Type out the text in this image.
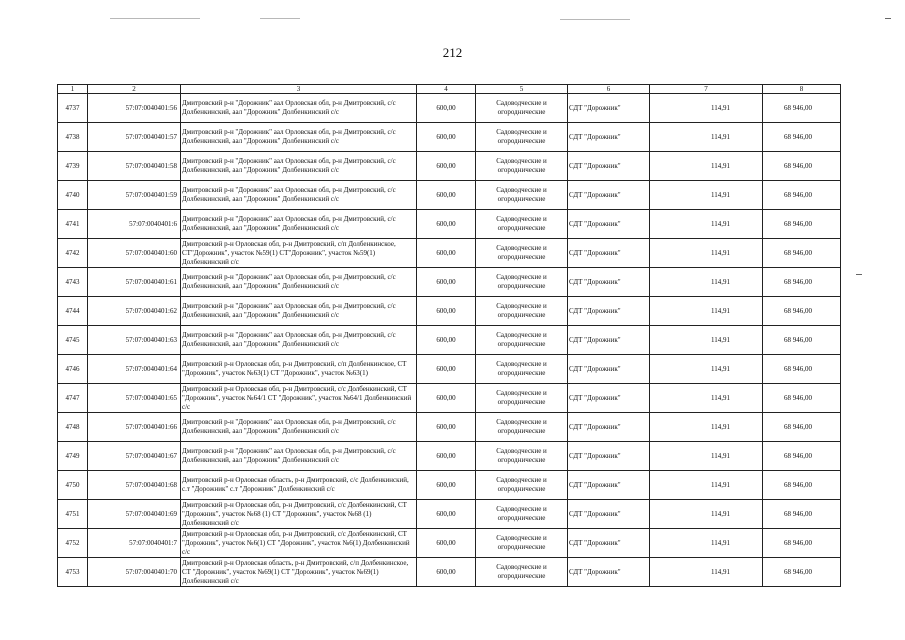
212
1	2	3	4	5	6	7	8
4737	57:07:0040401:56	Дмитровский р-н "Дорожник" аал Орловская обл, р-н Дмитровский, с/с Долбенкинский, аал "Дорожник" Долбенкинский с/с	600,00	Садоводческие и огороднические	СДТ "Дорожник"	114,91	68 946,00
4738	57:07:0040401:57	Дмитровский р-н "Дорожник" аал Орловская обл, р-н Дмитровский, с/с Долбенкинский, аал "Дорожник" Долбенкинский с/с	600,00	Садоводческие и огороднические	СДТ "Дорожник"	114,91	68 946,00
4739	57:07:0040401:58	Дмитровский р-н "Дорожник" аал Орловская обл, р-н Дмитровский, с/с Долбенкинский, аал "Дорожник" Долбенкинский с/с	600,00	Садоводческие и огороднические	СДТ "Дорожник"	114,91	68 946,00
4740	57:07:0040401:59	Дмитровский р-н "Дорожник" аал Орловская обл, р-н Дмитровский, с/с Долбенкинский, аал "Дорожник" Долбенкинский с/с	600,00	Садоводческие и огороднические	СДТ "Дорожник"	114,91	68 946,00
4741	57:07:0040401:6	Дмитровский р-н "Дорожник" аал Орловская обл, р-н Дмитровский, с/с Долбенкинский, аал "Дорожник" Долбенкинский с/с	600,00	Садоводческие и огороднические	СДТ "Дорожник"	114,91	68 946,00
4742	57:07:0040401:60	Дмитровский р-н Орловская обл, р-н Дмитровский, с/п Долбенкинское, СТ"Дорожник", участок №59(1) СТ"Дорожник", участок №59(1) Долбенкинский с/с	600,00	Садоводческие и огороднические	СДТ "Дорожник"	114,91	68 946,00
4743	57:07:0040401:61	Дмитровский р-н "Дорожник" аал Орловская обл, р-н Дмитровский, с/с Долбенкинский, аал "Дорожник" Долбенкинский с/с	600,00	Садоводческие и огороднические	СДТ "Дорожник"	114,91	68 946,00
4744	57:07:0040401:62	Дмитровский р-н "Дорожник" аал Орловская обл, р-н Дмитровский, с/с Долбенкинский, аал "Дорожник" Долбенкинский с/с	600,00	Садоводческие и огороднические	СДТ "Дорожник"	114,91	68 946,00
4745	57:07:0040401:63	Дмитровский р-н "Дорожник" аал Орловская обл, р-н Дмитровский, с/с Долбенкинский, аал "Дорожник" Долбенкинский с/с	600,00	Садоводческие и огороднические	СДТ "Дорожник"	114,91	68 946,00
4746	57:07:0040401:64	Дмитровский р-н Орловская обл, р-н Дмитровский, с/п Долбенкинское, СТ "Дорожник", участок №63(1) СТ "Дорожник", участок №63(1)	600,00	Садоводческие и огороднические	СДТ "Дорожник"	114,91	68 946,00
4747	57:07:0040401:65	Дмитровский р-н Орловская обл, р-н Дмитровский, с/с Долбенкинский, СТ "Дорожник", участок №64/1 СТ "Дорожник", участок №64/1 Долбенкинский с/с	600,00	Садоводческие и огороднические	СДТ "Дорожник"	114,91	68 946,00
4748	57:07:0040401:66	Дмитровский р-н "Дорожник" аал Орловская обл, р-н Дмитровский, с/с Долбенкинский, аал "Дорожник" Долбенкинский с/с	600,00	Садоводческие и огороднические	СДТ "Дорожник"	114,91	68 946,00
4749	57:07:0040401:67	Дмитровский р-н "Дорожник" аал Орловская обл, р-н Дмитровский, с/с Долбенкинский, аал "Дорожник" Долбенкинский с/с	600,00	Садоводческие и огороднические	СДТ "Дорожник"	114,91	68 946,00
4750	57:07:0040401:68	Дмитровский р-н Орловская область, р-н Дмитровский, с/с Долбенкинский, с.т "Дорожник" с.т "Дорожник" Долбенкинский с/с	600,00	Садоводческие и огороднические	СДТ "Дорожник"	114,91	68 946,00
4751	57:07:0040401:69	Дмитровский р-н Орловская обл, р-н Дмитровский, с/с Долбенкинский, СТ "Дорожник", участок №68 (1) СТ "Дорожник", участок №68 (1) Долбенкинский с/с	600,00	Садоводческие и огороднические	СДТ "Дорожник"	114,91	68 946,00
4752	57:07:0040401:7	Дмитровский р-н Орловская обл, р-н Дмитровский, с/с Долбенкинский, СТ "Дорожник", участок №6(1) СТ "Дорожник", участок №6(1) Долбенкинский с/с	600,00	Садоводческие и огороднические	СДТ "Дорожник"	114,91	68 946,00
4753	57:07:0040401:70	Дмитровский р-н Орловская область, р-н Дмитровский, с/п Долбенкинское, СТ "Дорожник", участок №69(1) СТ "Дорожник", участок №69(1) Долбенкинский с/с	600,00	Садоводческие и огороднические	СДТ "Дорожник"	114,91	68 946,00
